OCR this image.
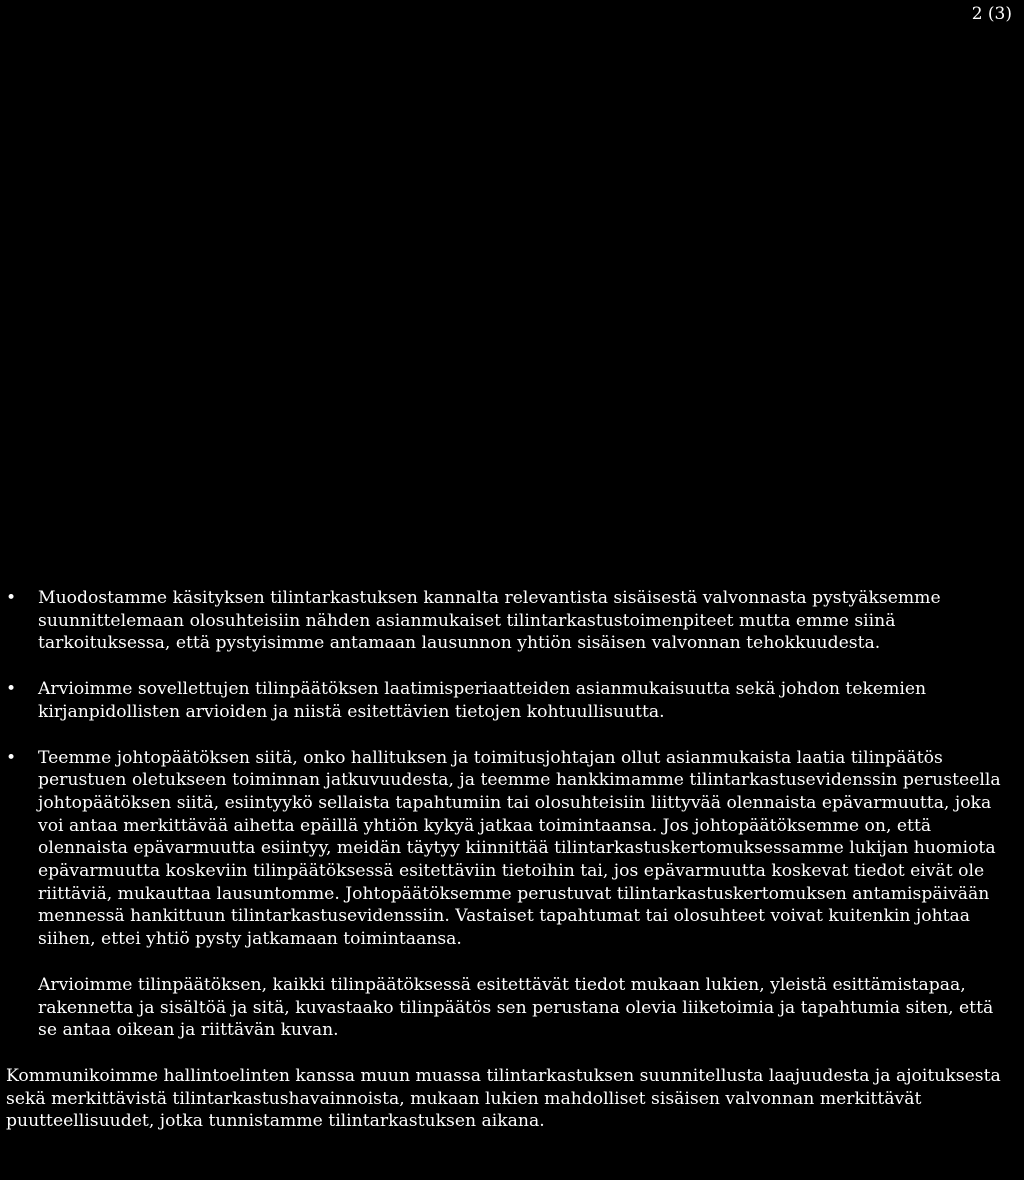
2 (3)
• Muodostamme käsityksen tilintarkastuksen kannalta relevantista sisäisestä valvonnasta pystyäksemme suunnittelemaan olosuhteisiin nähden asianmukaiset tilintarkastustoimenpiteet mutta emme siinä tarkoituksessa, että pystyisimme antamaan lausunnon yhtiön sisäisen valvonnan tehokkuudesta.

• Arvioimme sovellettujen tilinpäätöksen laatimisperiaatteiden asianmukaisuutta sekä johdon tekemien kirjanpidollisten arvioiden ja niistä esitettävien tietojen kohtuullisuutta.

• Teemme johtopäätöksen siitä, onko hallituksen ja toimitusjohtajan ollut asianmukaista laatia tilinpäätös perustuen oletukseen toiminnan jatkuvuudesta, ja teemme hankkimamme tilintarkastusevidenssin perusteella johtopäätöksen siitä, esiintyykö sellaista tapahtumiin tai olosuhteisiin liittyvää olennaista epävarmuutta, joka voi antaa merkittävää aihetta epäillä yhtiön kykyä jatkaa toimintaansa. Jos johtopäätöksemme on, että olennaista epävarmuutta esiintyy, meidän täytyy kiinnittää tilintarkastuskertomuksessamme lukijan huomiota epävarmuutta koskeviin tilinpäätöksessä esitettäviin tietoihin tai, jos epävarmuutta koskevat tiedot eivät ole riittäviä, mukauttaa lausuntomme. Johtopäätöksemme perustuvat tilintarkastuskertomuksen antamispäivään mennessä hankittuun tilintarkastusevidenssiin. Vastaiset tapahtumat tai olosuhteet voivat kuitenkin johtaa siihen, ettei yhtiö pysty jatkamaan toimintaansa.

Arvioimme tilinpäätöksen, kaikki tilinpäätöksessä esitettävät tiedot mukaan lukien, yleistä esittämistapaa, rakennetta ja sisältöä ja sitä, kuvastaako tilinpäätös sen perustana olevia liiketoimia ja tapahtumia siten, että se antaa oikean ja riittävän kuvan.

Kommunikoimme hallintoelinten kanssa muun muassa tilintarkastuksen suunnitellusta laajuudesta ja ajoituksesta sekä merkittävistä tilintarkastushavainnoista, mukaan lukien mahdolliset sisäisen valvonnan merkittävät puutteellisuudet, jotka tunnistamme tilintarkastuksen aikana.
